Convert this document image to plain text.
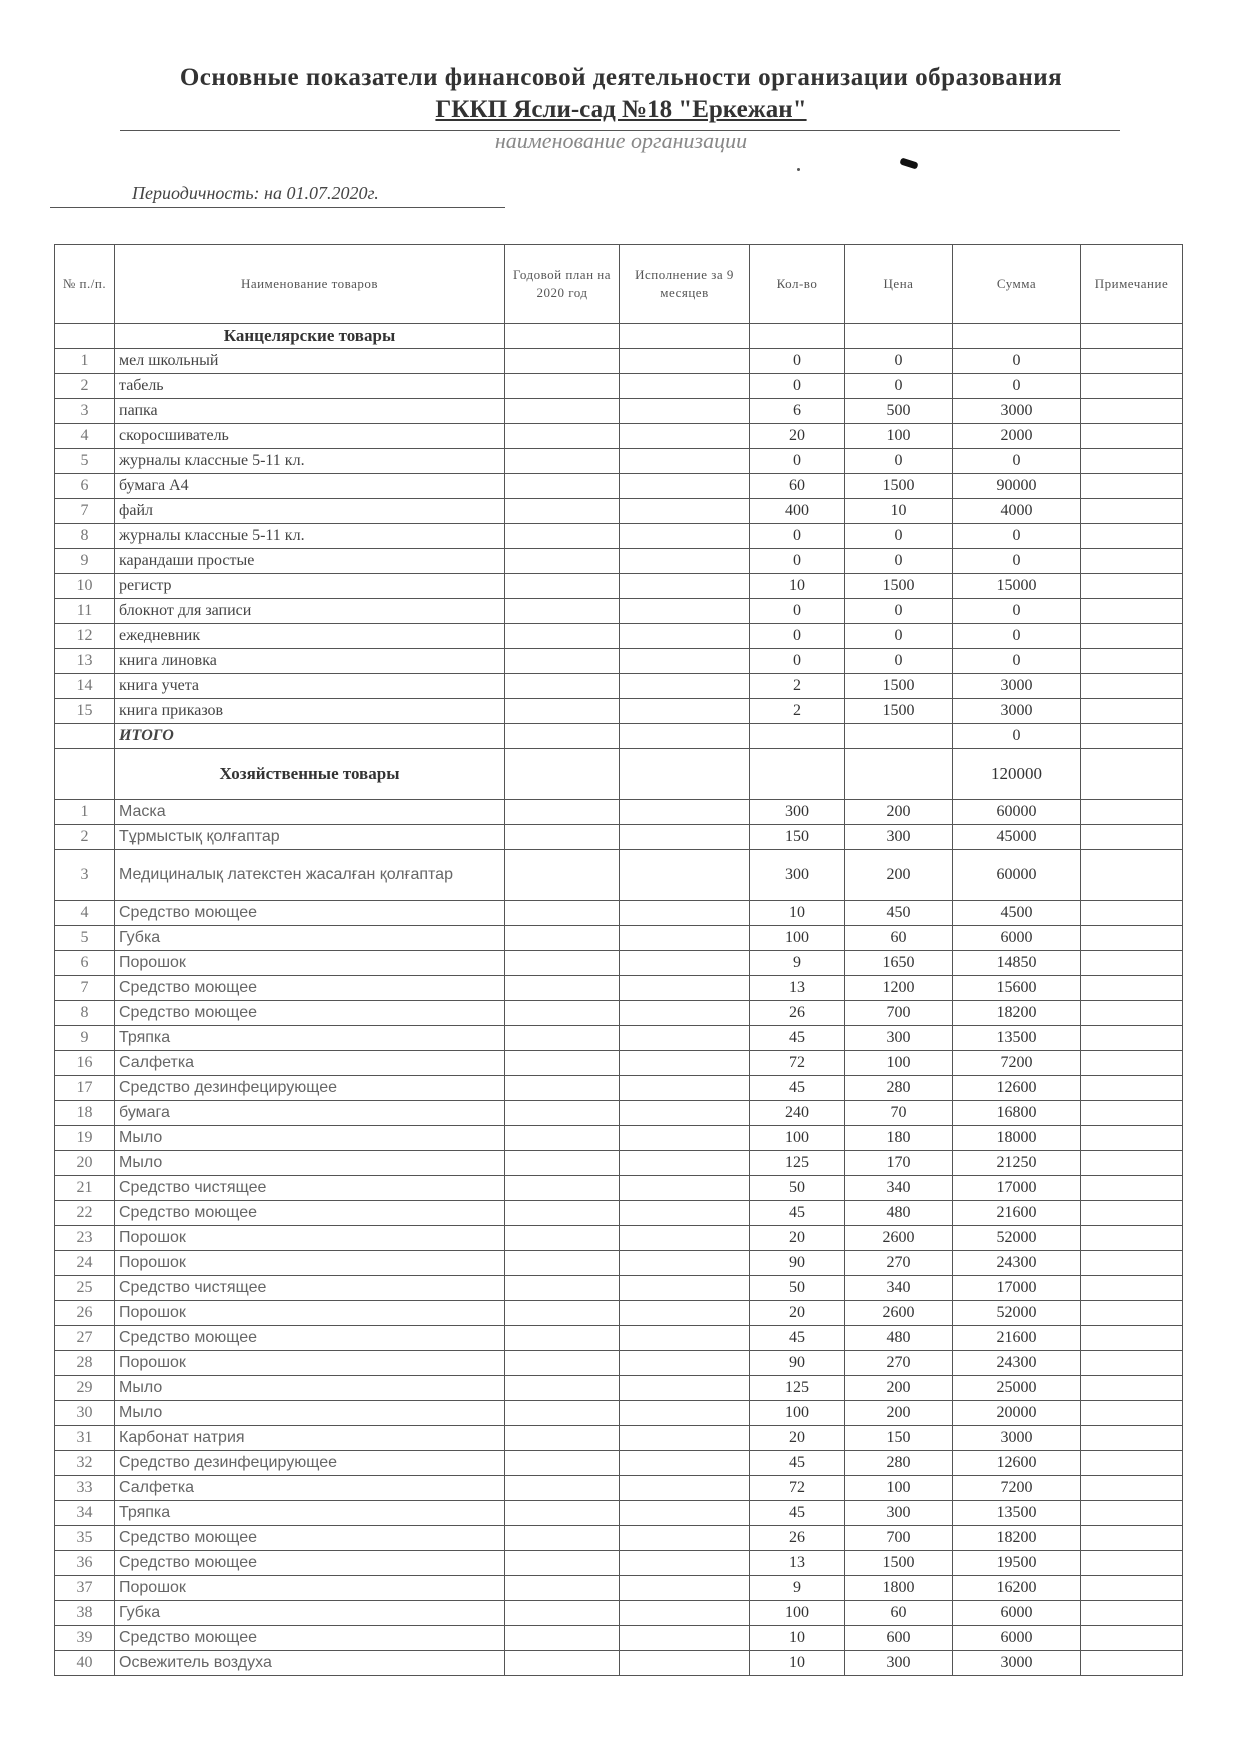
Основные показатели финансовой деятельности организации образования
ГККП Ясли-сад №18 "Еркежан"
наименование организации
Периодичность: на 01.07.2020г.
№ п./п.	Наименование товаров	Годовой план на 2020 год	Исполнение за 9 месяцев	Кол-во	Цена	Сумма	Примечание
	Канцелярские товары						
1	мел школьный			0	0	0	
2	табель			0	0	0	
3	папка			6	500	3000	
4	скоросшиватель			20	100	2000	
5	журналы классные 5-11 кл.			0	0	0	
6	бумага А4			60	1500	90000	
7	файл			400	10	4000	
8	журналы классные 5-11 кл.			0	0	0	
9	карандаши простые			0	0	0	
10	регистр			10	1500	15000	
11	блокнот для записи			0	0	0	
12	ежедневник			0	0	0	
13	книга линовка			0	0	0	
14	книга учета			2	1500	3000	
15	книга приказов			2	1500	3000	
	ИТОГО					0	
	Хозяйственные товары					120000	
1	Маска			300	200	60000	
2	Тұрмыстық қолғаптар			150	300	45000	
3	Медициналық латекстен жасалған қолғаптар			300	200	60000	
4	Средство моющее			10	450	4500	
5	Губка			100	60	6000	
6	Порошок			9	1650	14850	
7	Средство моющее			13	1200	15600	
8	Средство моющее			26	700	18200	
9	Тряпка			45	300	13500	
16	Салфетка			72	100	7200	
17	Средство дезинфецирующее			45	280	12600	
18	бумага			240	70	16800	
19	Мыло			100	180	18000	
20	Мыло			125	170	21250	
21	Средство чистящее			50	340	17000	
22	Средство моющее			45	480	21600	
23	Порошок			20	2600	52000	
24	Порошок			90	270	24300	
25	Средство чистящее			50	340	17000	
26	Порошок			20	2600	52000	
27	Средство моющее			45	480	21600	
28	Порошок			90	270	24300	
29	Мыло			125	200	25000	
30	Мыло			100	200	20000	
31	Карбонат натрия			20	150	3000	
32	Средство дезинфецирующее			45	280	12600	
33	Салфетка			72	100	7200	
34	Тряпка			45	300	13500	
35	Средство моющее			26	700	18200	
36	Средство моющее			13	1500	19500	
37	Порошок			9	1800	16200	
38	Губка			100	60	6000	
39	Средство моющее			10	600	6000	
40	Освежитель воздуха			10	300	3000	
